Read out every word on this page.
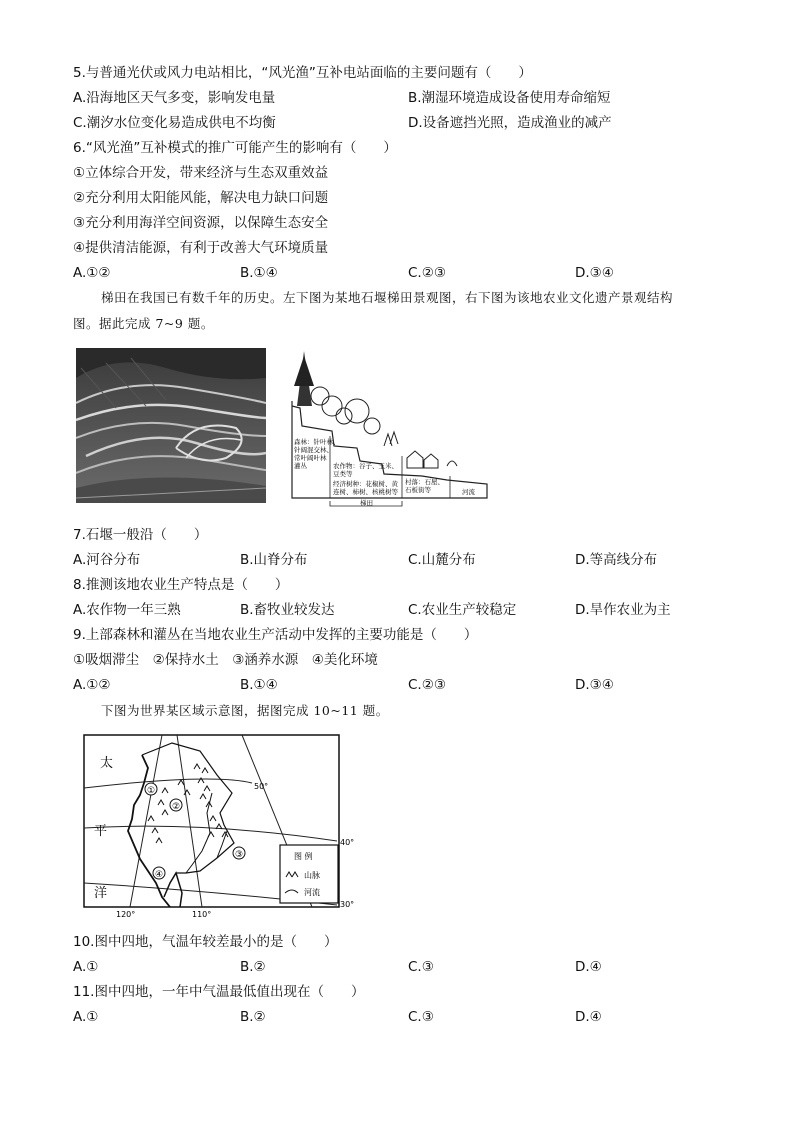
5.与普通光伏或风力电站相比，“风光渔”互补电站面临的主要问题有（　　）
A.沿海地区天气多变，影响发电量	B.潮湿环境造成设备使用寿命缩短
C.潮汐水位变化易造成供电不均衡	D.设备遮挡光照，造成渔业的减产
6.“风光渔”互补模式的推广可能产生的影响有（　　）
①立体综合开发，带来经济与生态双重效益
②充分利用太阳能风能，解决电力缺口问题
③充分利用海洋空间资源，以保障生态安全
④提供清洁能源，有利于改善大气环境质量
A.①②	B.①④	C.②③	D.③④
梯田在我国已有数千年的历史。左下图为某地石堰梯田景观图，右下图为该地农业文化遗产景观结构
图。据此完成 7~9 题。
森林：针叶林、
针阔混交林、
常叶阔叶林
灌丛	农作物：谷子、玉米、
豆类等
经济树种：花椒树、黄
连树、柿树、核桃树等
村落：石屋、
石板街等	河流
梯田
7.石堰一般沿（　　）
A.河谷分布	B.山脊分布	C.山麓分布	D.等高线分布
8.推测该地农业生产特点是（　　）
A.农作物一年三熟	B.畜牧业较发达	C.农业生产较稳定	D.旱作农业为主
9.上部森林和灌丛在当地农业生产活动中发挥的主要功能是（　　）
①吸烟滞尘　②保持水土　③涵养水源　④美化环境
A.①②	B.①④	C.②③	D.③④
下图为世界某区域示意图，据图完成 10~11 题。
太
平
洋
①
②
③
④
50°
40°
30°
120°	110°
图 例
山脉
河流
10.图中四地，气温年较差最小的是（　　）
A.①	B.②	C.③	D.④
11.图中四地，一年中气温最低值出现在（　　）
A.①	B.②	C.③	D.④
